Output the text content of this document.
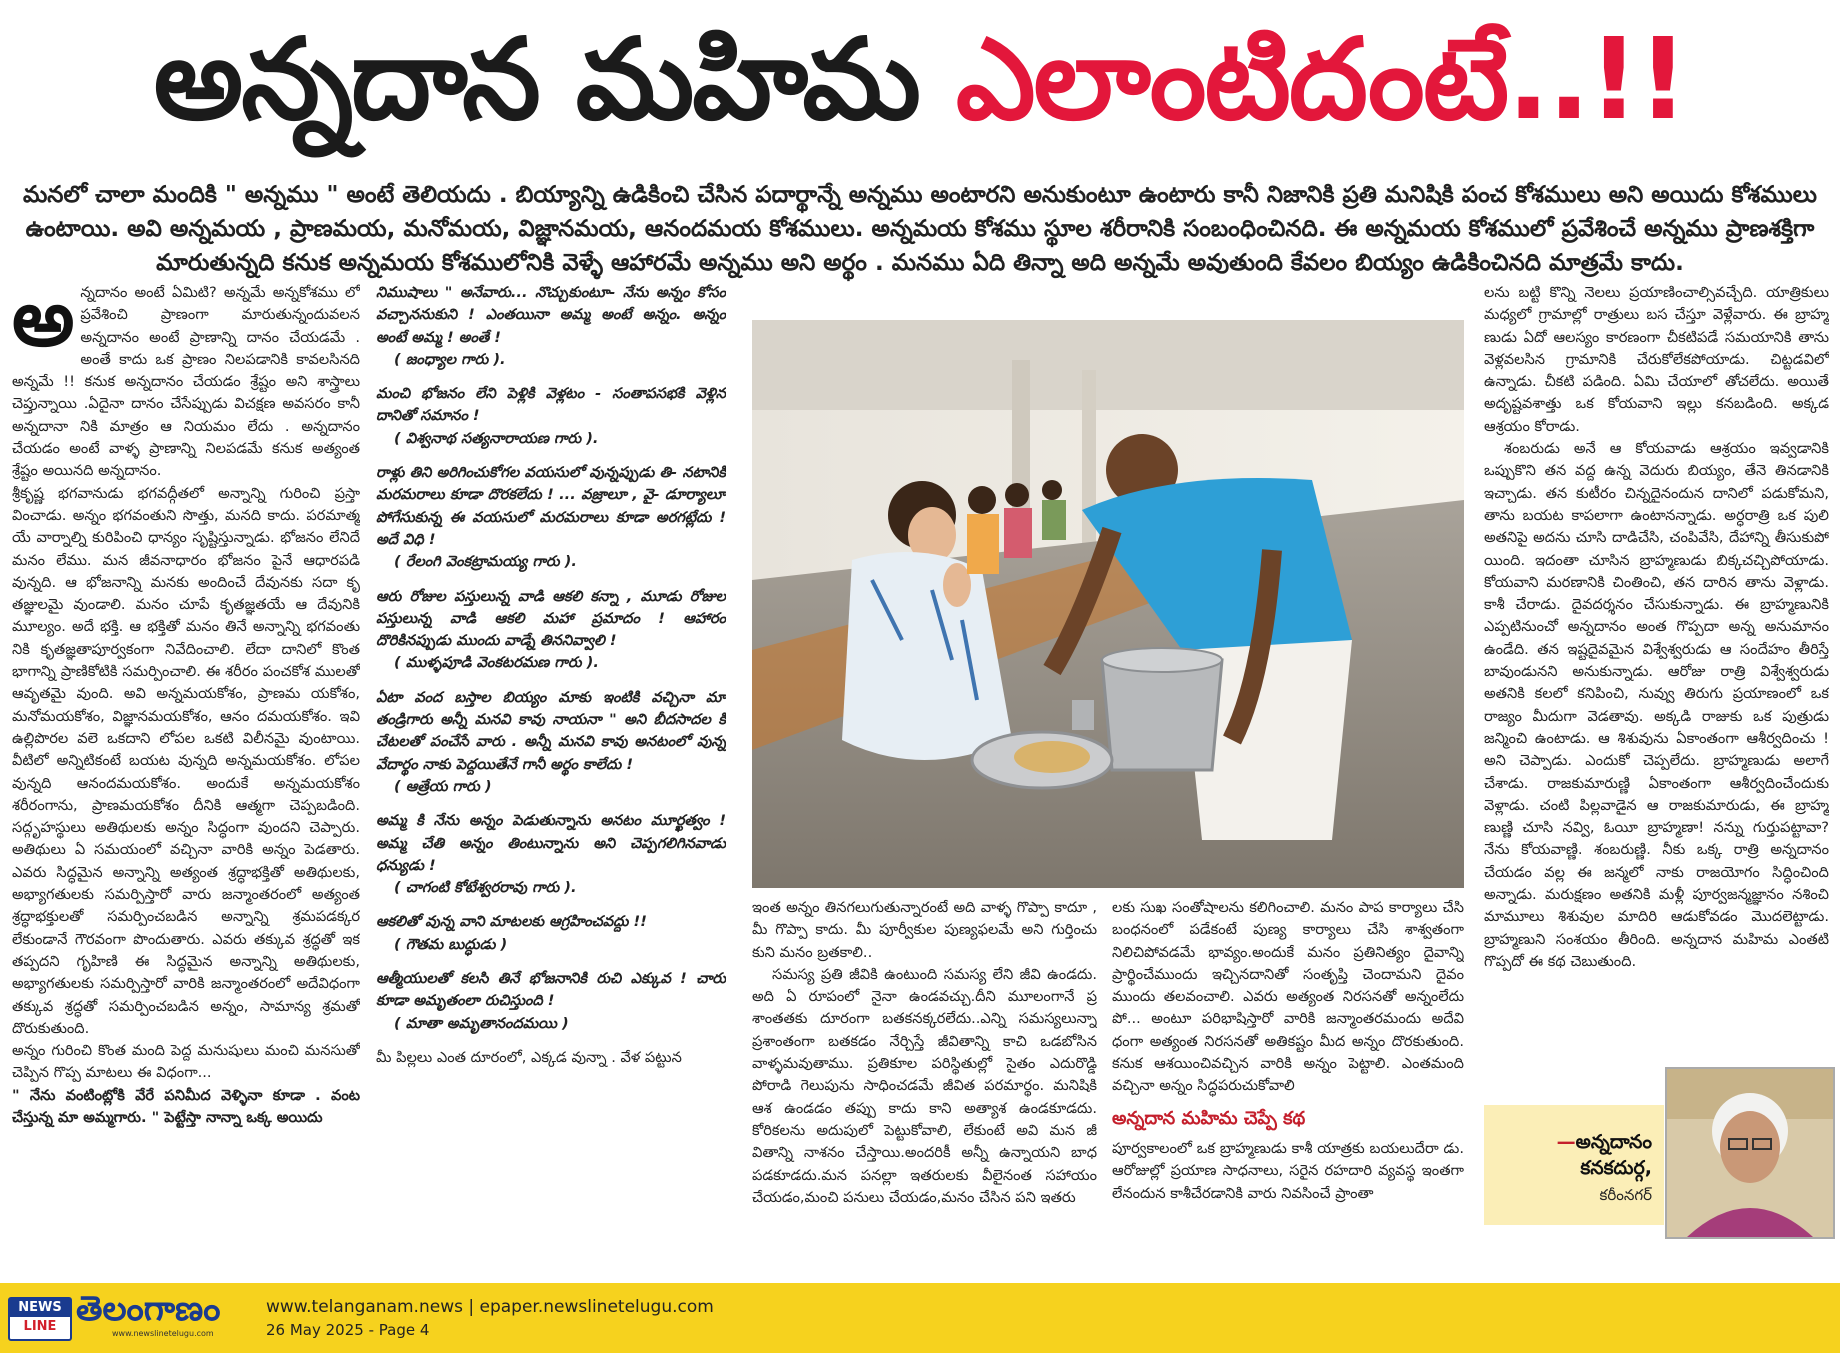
అన్నదాన మహిమ ఎలాంటిదంటే..!!
మనలో చాలా మందికి " అన్నము " అంటే తెలియదు . బియ్యాన్ని ఉడికించి చేసిన పదార్థాన్నే అన్నము అంటారని అనుకుంటూ ఉంటారు కానీ నిజానికి ప్రతి మనిషికి పంచ కోశములు అని అయిదు కోశములు ఉంటాయి. అవి అన్నమయ , ప్రాణమయ, మనోమయ, విజ్ఞానమయ, ఆనందమయ కోశములు. అన్నమయ కోశము స్థూల శరీరానికి సంబంధించినది. ఈ అన్నమయ కోశములో ప్రవేశించే అన్నము ప్రాణశక్తిగా మారుతున్నది కనుక అన్నమయ కోశములోనికి వెళ్ళే ఆహారమే అన్నము అని అర్థం . మనము ఏది తిన్నా అది అన్నమే అవుతుంది కేవలం బియ్యం ఉడికించినది మాత్రమే కాదు.
అ న్నదానం అంటే ఏమిటి? అన్నమే అన్నకోశము లో ప్రవేశించి ప్రాణంగా మారుతున్నందువలన అన్నదానం అంటే ప్రాణాన్ని దానం చేయడమే . అంతే కాదు ఒక ప్రాణం నిలపడానికి కావలసినది అన్నమే !! కనుక అన్నదానం చేయడం శ్రేష్టం అని శాస్త్రాలు చెప్తున్నాయి .ఏదైనా దానం చేసేప్పుడు విచక్షణ అవసరం కానీ అన్నదానా నికి మాత్రం ఆ నియమం లేదు . అన్నదానం చేయడం అంటే వాళ్ళ ప్రాణాన్ని నిలపడమే కనుక అత్యంత శ్రేష్టం అయినది అన్నదానం.

శ్రీకృష్ణ భగవానుడు భగవద్గీతలో అన్నాన్ని గురించి ప్రస్తా వించాడు. అన్నం భగవంతుని సొత్తు, మనది కాదు. పరమాత్మ యే వార్నాల్ని కురిపించి ధాన్యం సృష్టిస్తున్నాడు. భోజనం లేనిదే మనం లేము. మన జీవనాధారం భోజనం పైనే ఆధారపడి వున్నది. ఆ భోజనాన్ని మనకు అందించే దేవునకు సదా కృ తజ్ఞులమై వుండాలి. మనం చూపే కృతజ్ఞతయే ఆ దేవునికి మూల్యం. అదే భక్తి. ఆ భక్తితో మనం తినే అన్నాన్ని భగవంతు నికి కృతజ్ఞతాపూర్వకంగా నివేదించాలి. లేదా దానిలో కొంత భాగాన్ని ప్రాణికోటికి సమర్పించాలి. ఈ శరీరం పంచకోశ ములతో ఆవృతమై వుంది. అవి అన్నమయకోశం, ప్రాణమ యకోశం, మనోమయకోశం, విజ్ఞానమయకోశం, ఆనం దమయకోశం. ఇవి ఉల్లిపొరల వలె ఒకదాని లోపల ఒకటి విలీనమై వుంటాయి. వీటిలో అన్నిటికంటే బయట వున్నది అన్నమయకోశం. లోపల వున్నది ఆనందమయకోశం. అందుకే అన్నమయకోశం శరీరంగాను, ప్రాణమయకోశం దీనికి ఆత్మగా చెప్పబడింది. సద్గృహస్థులు అతిథులకు అన్నం సిద్ధంగా వుందని చెప్పారు. అతిథులు ఏ సమయంలో వచ్చినా వారికి అన్నం పెడతారు. ఎవరు సిద్ధమైన అన్నాన్ని అత్యంత శ్రద్ధాభక్తితో అతిథులకు, అభ్యాగతులకు సమర్పిస్తారో వారు జన్మాంతరంలో అత్యంత శ్రద్ధాభక్తులతో సమర్పించబడిన అన్నాన్ని శ్రమపడక్కర లేకుండానే గౌరవంగా పొందుతారు. ఎవరు తక్కువ శ్రద్ధతో ఇక తప్పదని గృహిణి ఈ సిద్ధమైన అన్నాన్ని అతిథులకు, అభ్యాగతులకు సమర్పిస్తారో వారికి జన్మాంతరంలో అదేవిధంగా తక్కువ శ్రద్ధతో సమర్పించబడిన అన్నం, సామాన్య శ్రమతో దొరుకుతుంది.

అన్నం గురించి కొంత మంది పెద్ద మనుషులు మంచి మనసుతో చెప్పిన గొప్ప మాటలు ఈ విధంగా...

" నేను వంటింట్లోకి వేరే పనిమీద వెళ్ళినా కూడా . వంట చేస్తున్న మా అమ్మగారు. " పెట్టేస్తా నాన్నా ఒక్క అయిదు

నిముషాలు " అనేవారు... నొచ్చుకుంటూ- నేను అన్నం కోసం వచ్చాననుకుని ! ఎంతయినా అమ్మ అంటే అన్నం. అన్నం అంటే అమ్మ ! అంతే !
( జంధ్యాల గారు ).
మంచి భోజనం లేని పెళ్లికి వెళ్లటం - సంతాపసభకి వెళ్లిన దానితో సమానం !
( విశ్వనాథ సత్యనారాయణ గారు ).
రాళ్లు తిని అరిగించుకోగల వయసులో వున్నప్పుడు తి- నటానికి మరమరాలు కూడా దొరకలేదు ! ... వజ్రాలూ , వై- డూర్యాలూ పోగేసుకున్న ఈ వయసులో మరమరాలు కూడా అరగట్లేదు ! అదే విధి !
( రేలంగి వెంకట్రామయ్య గారు ).
ఆరు రోజుల పస్తులున్న వాడి ఆకలి కన్నా , మూడు రోజుల పస్తులున్న వాడి ఆకలి మహా ప్రమాదం ! ఆహారం దొరికినప్పుడు ముందు వాడ్నే తిననివ్వాలి !
( ముళ్ళపూడి వెంకటరమణ గారు ).
ఏటా వంద బస్తాల బియ్యం మాకు ఇంటికి వచ్చినా మా తండ్రిగారు అన్నీ మనవి కావు నాయనా " అని బీదసాదల కి చేటలతో పంచేసే వారు . అన్నీ మనవి కావు అనటంలో వున్న వేదార్థం నాకు పెద్దయితేనే గానీ అర్థం కాలేదు !
( ఆత్రేయ గారు )
అమ్మ కి నేను అన్నం పెడుతున్నాను అనటం మూర్ఖత్వం ! అమ్మ చేతి అన్నం తింటున్నాను అని చెప్పగలిగినవాడు ధన్యుడు !
( చాగంటి కోటేశ్వరరావు గారు ).
ఆకలితో వున్న వాని మాటలకు ఆగ్రహించవద్దు !!
( గౌతమ బుద్ధుడు )
ఆత్మీయులతో కలసి తినే భోజనానికి రుచి ఎక్కువ ! చారు కూడా అమృతంలా రుచిస్తుంది !
( మాతా అమృతానందమయి )

మీ పిల్లలు ఎంత దూరంలో, ఎక్కడ వున్నా . వేళ పట్టున

ఇంత అన్నం తినగలుగుతున్నారంటే అది వాళ్ళ గొప్పా కాదూ , మీ గొప్పా కాదు. మీ పూర్వీకుల పుణ్యఫలమే అని గుర్తించు కుని మనం బ్రతకాలి..

సమస్య ప్రతి జీవికి ఉంటుంది సమస్య లేని జీవి ఉండదు. అది ఏ రూపంలో నైనా ఉండవచ్చు.దీని మూలంగానే ప్ర శాంతతకు దూరంగా బతకనక్కరలేదు..ఎన్ని సమస్యలున్నా ప్రశాంతంగా బతకడం నేర్చిస్తే జీవితాన్ని కాచి ఒడబోసిన వాళ్ళమవుతాము. ప్రతికూల పరిస్థితుల్లో సైతం ఎదురొడ్డి పోరాడి గెలుపును సాధించడమే జీవిత పరమార్థం. మనిషికి ఆశ ఉండడం తప్పు కాదు కాని అత్యాశ ఉండకూడదు. కోరికలను అదుపులో పెట్టుకోవాలి, లేకుంటే అవి మన జీ వితాన్ని నాశనం చేస్తాయి.అందరికీ అన్నీ ఉన్నాయని బాధ పడకూడదు.మన పనల్లా ఇతరులకు వీలైనంత సహాయం చేయడం,మంచి పనులు చేయడం,మనం చేసిన పని ఇతరు

లకు సుఖ సంతోషాలను కలిగించాలి. మనం పాప కార్యాలు చేసి బంధనంలో పడేకంటే పుణ్య కార్యాలు చేసి శాశ్వతంగా నిలిచిపోవడమే భావ్యం.అందుకే మనం ప్రతినిత్యం దైవాన్ని ప్రార్థించేముందు ఇచ్చినదానితో సంతృప్తి చెందామని దైవం ముందు తలవంచాలి. ఎవరు అత్యంత నిరసనతో అన్నంలేదు పో... అంటూ పరిభాషిస్తారో వారికి జన్మాంతరమందు అదేవి ధంగా అత్యంత నిరసనతో అతికష్టం మీద అన్నం దొరకుతుంది. కనుక ఆశయించివచ్చిన వారికి అన్నం పెట్టాలి. ఎంతమంది వచ్చినా అన్నం సిద్ధపరుచుకోవాలి

అన్నదాన మహిమ చెప్పే కథ

పూర్వకాలంలో ఒక బ్రాహ్మణుడు కాశీ యాత్రకు బయలుదేరా డు. ఆరోజుల్లో ప్రయాణ సాధనాలు, సరైన రహదారి వ్యవస్థ ఇంతగా లేనందున కాశీచేరడానికి వారు నివసించే ప్రాంతా

లను బట్టి కొన్ని నెలలు ప్రయాణించాల్సివచ్చేది. యాత్రికులు మధ్యలో గ్రామాల్లో రాత్రులు బస చేస్తూ వెళ్లేవారు. ఈ బ్రాహ్మ ణుడు ఏదో ఆలస్యం కారణంగా చీకటిపడే సమయానికి తాను వెళ్లవలసిన గ్రామానికి చేరుకోలేకపోయాడు. చిట్టడవిలో ఉన్నాడు. చీకటి పడింది. ఏమి చేయాలో తోచలేదు. అయితే అదృష్టవశాత్తు ఒక కోయవాని ఇల్లు కనబడింది. అక్కడ ఆశ్రయం కోరాడు.

శంబరుడు అనే ఆ కోయవాడు ఆశ్రయం ఇవ్వడానికి ఒప్పుకొని తన వద్ద ఉన్న వెదురు బియ్యం, తేనె తినడానికి ఇచ్చాడు. తన కుటీరం చిన్నదైనందున దానిలో పడుకోమని, తాను బయట కాపలాగా ఉంటానన్నాడు. అర్ధరాత్రి ఒక పులి అతనిపై అదను చూసి దాడిచేసి, చంపివేసి, దేహాన్ని తీసుకుపో యింది. ఇదంతా చూసిన బ్రాహ్మణుడు బిక్కచచ్చిపోయాడు. కోయవాని మరణానికి చింతించి, తన దారిన తాను వెళ్లాడు. కాశీ చేరాడు. దైవదర్శనం చేసుకున్నాడు. ఈ బ్రాహ్మణునికి ఎప్పటినుంచో అన్నదానం అంత గొప్పదా అన్న అనుమానం ఉండేది. తన ఇష్టదైవమైన విశ్వేశ్వరుడు ఆ సందేహం తీరిస్తే బావుండునని అనుకున్నాడు. ఆరోజు రాత్రి విశ్వేశ్వరుడు అతనికి కలలో కనిపించి, నువ్వు తిరుగు ప్రయాణంలో ఒక రాజ్యం మీదుగా వెడతావు. అక్కడి రాజుకు ఒక పుత్రుడు జన్మించి ఉంటాడు. ఆ శిశువును ఏకాంతంగా ఆశీర్వదించు ! అని చెప్పాడు. ఎందుకో చెప్పలేదు. బ్రాహ్మణుడు అలాగే చేశాడు. రాజకుమారుణ్ణి ఏకాంతంగా ఆశీర్వదించేందుకు వెళ్లాడు. చంటి పిల్లవాడైన ఆ రాజకుమారుడు, ఈ బ్రాహ్మ ణుణ్ణి చూసి నవ్వి, ఓయీ బ్రాహ్మణా! నన్ను గుర్తుపట్టావా? నేను కోయవాణ్ణి. శంబరుణ్ణి. నీకు ఒక్క రాత్రి అన్నదానం చేయడం వల్ల ఈ జన్మలో నాకు రాజయోగం సిద్ధించింది అన్నాడు. మరుక్షణం అతనికి మళ్లీ పూర్వజన్మజ్ఞానం నశించి మామూలు శిశువుల మాదిరి ఆడుకోవడం మొదలెట్టాడు. బ్రాహ్మణుని సంశయం తీరింది. అన్నదాన మహిమ ఎంతటి గొప్పదో ఈ కథ చెబుతుంది.

—అన్నదానం
కనకదుర్గ,
కరీంనగర్
NEWS
LINE తెలంగాణం
www.newslinetelugu.com
www.telanganam.news | epaper.newslinetelugu.com
26 May 2025 - Page 4
